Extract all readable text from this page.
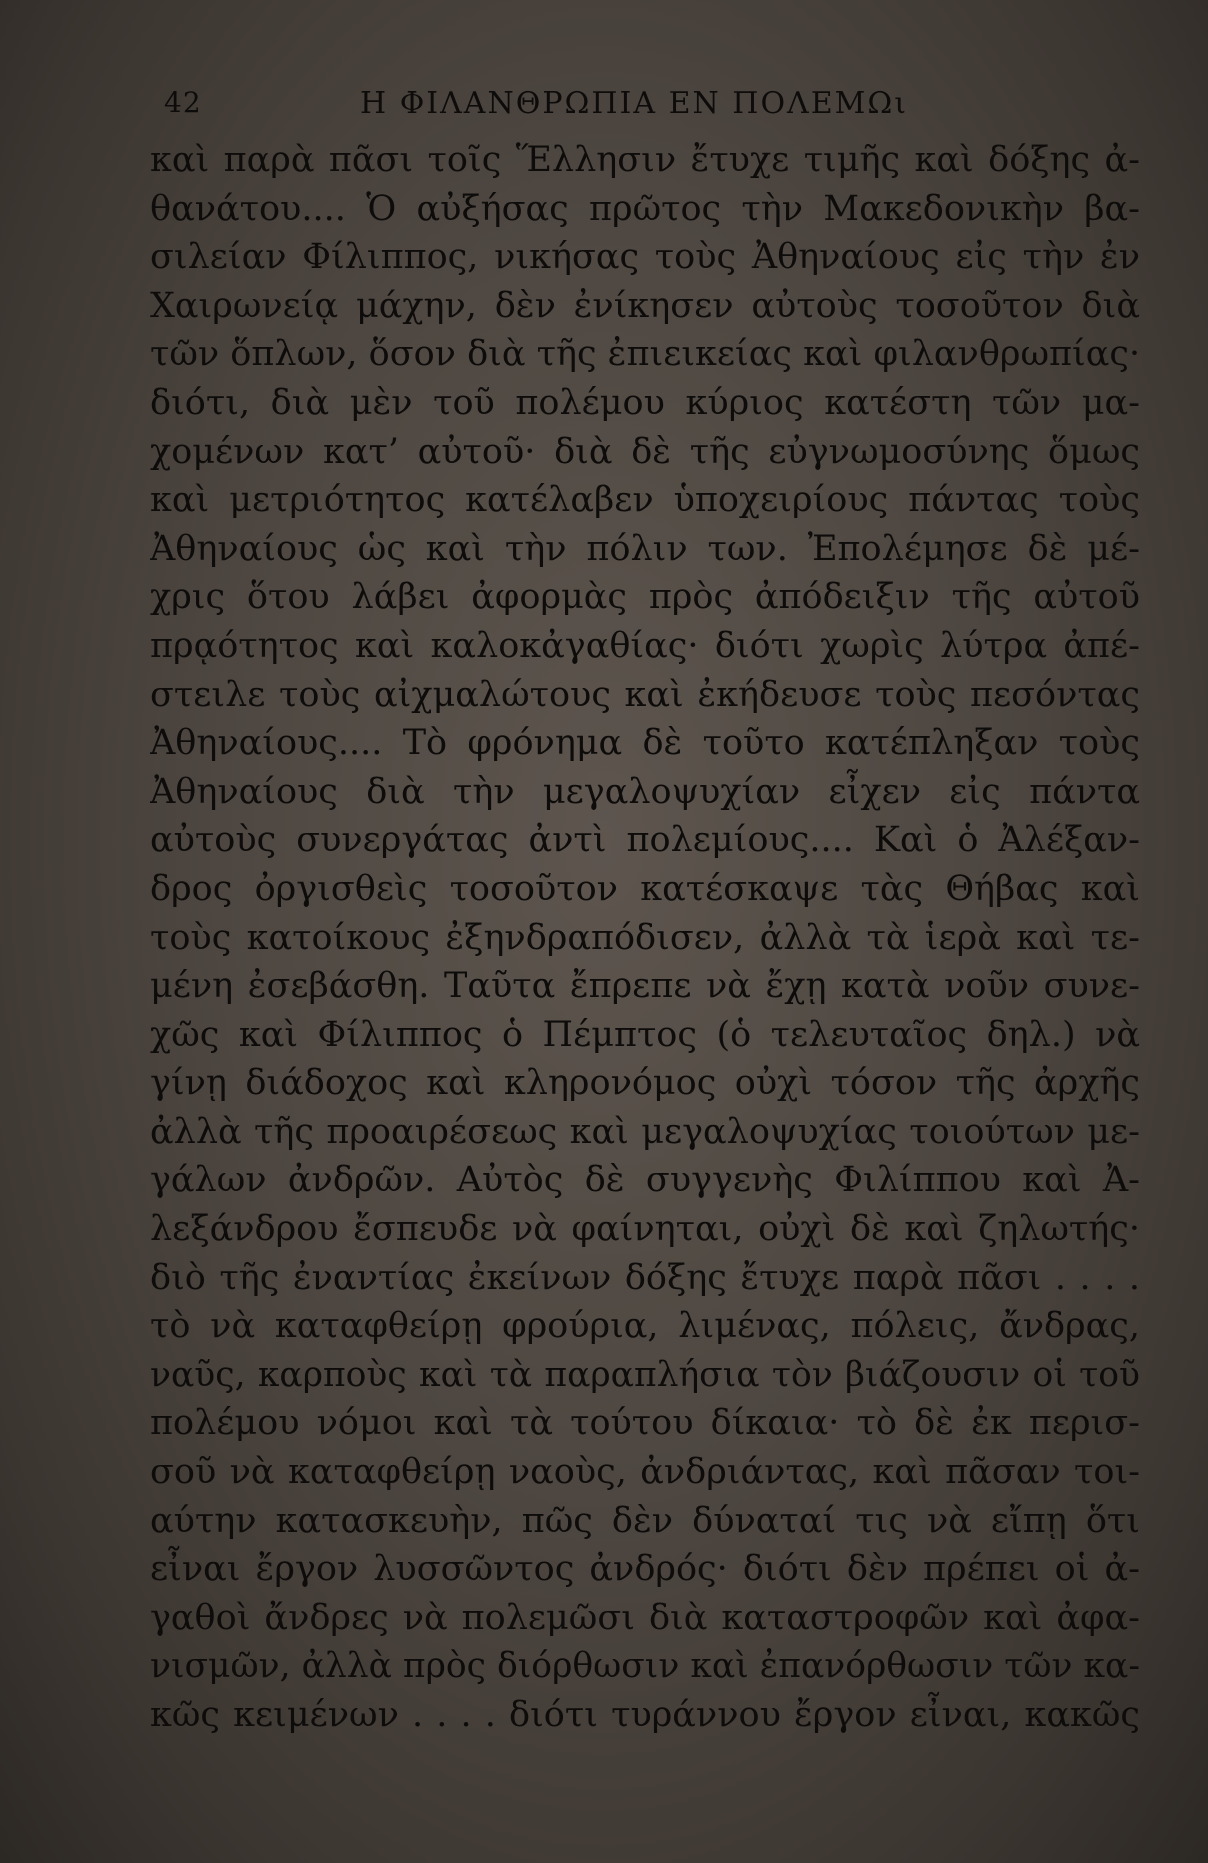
42	Η ΦΙΛΑΝΘΡΩΠΙΑ ΕΝ ΠΟΛΕΜΩι
καὶ παρὰ πᾶσι τοῖς Ἕλλησιν ἔτυχε τιμῆς καὶ δόξης ἀ-
θανάτου.... Ὁ αὐξήσας πρῶτος τὴν Μακεδονικὴν βα-
σιλείαν Φίλιππος, νικήσας τοὺς Ἀθηναίους εἰς τὴν ἐν
Χαιρωνείᾳ μάχην, δὲν ἐνίκησεν αὐτοὺς τοσοῦτον διὰ
τῶν ὅπλων, ὅσον διὰ τῆς ἐπιεικείας καὶ φιλανθρωπίας·
διότι, διὰ μὲν τοῦ πολέμου κύριος κατέστη τῶν μα-
χομένων κατ’ αὐτοῦ· διὰ δὲ τῆς εὐγνωμοσύνης ὅμως
καὶ μετριότητος κατέλαβεν ὑποχειρίους πάντας τοὺς
Ἀθηναίους ὡς καὶ τὴν πόλιν των. Ἐπολέμησε δὲ μέ-
χρις ὅτου λάβει ἀφορμὰς πρὸς ἀπόδειξιν τῆς αὐτοῦ
πρᾳότητος καὶ καλοκἀγαθίας· διότι χωρὶς λύτρα ἀπέ-
στειλε τοὺς αἰχμαλώτους καὶ ἐκήδευσε τοὺς πεσόντας
Ἀθηναίους.... Τὸ φρόνημα δὲ τοῦτο κατέπληξαν τοὺς
Ἀθηναίους διὰ τὴν μεγαλοψυχίαν εἶχεν εἰς πάντα
αὐτοὺς συνεργάτας ἀντὶ πολεμίους.... Καὶ ὁ Ἀλέξαν-
δρος ὀργισθεὶς τοσοῦτον κατέσκαψε τὰς Θήβας καὶ
τοὺς κατοίκους ἐξηνδραπόδισεν, ἀλλὰ τὰ ἱερὰ καὶ τε-
μένη ἐσεβάσθη. Ταῦτα ἔπρεπε νὰ ἔχῃ κατὰ νοῦν συνε-
χῶς καὶ Φίλιππος ὁ Πέμπτος (ὁ τελευταῖος δηλ.) νὰ
γίνῃ διάδοχος καὶ κληρονόμος οὐχὶ τόσον τῆς ἀρχῆς
ἀλλὰ τῆς προαιρέσεως καὶ μεγαλοψυχίας τοιούτων με-
γάλων ἀνδρῶν. Αὐτὸς δὲ συγγενὴς Φιλίππου καὶ Ἀ-
λεξάνδρου ἔσπευδε νὰ φαίνηται, οὐχὶ δὲ καὶ ζηλωτής·
διὸ τῆς ἐναντίας ἐκείνων δόξης ἔτυχε παρὰ πᾶσι . . . .
τὸ νὰ καταφθείρῃ φρούρια, λιμένας, πόλεις, ἄνδρας,
ναῦς, καρποὺς καὶ τὰ παραπλήσια τὸν βιάζουσιν οἱ τοῦ
πολέμου νόμοι καὶ τὰ τούτου δίκαια· τὸ δὲ ἐκ περισ-
σοῦ νὰ καταφθείρῃ ναοὺς, ἀνδριάντας, καὶ πᾶσαν τοι-
αύτην κατασκευὴν, πῶς δὲν δύναταί τις νὰ εἴπῃ ὅτι
εἶναι ἔργον λυσσῶντος ἀνδρός· διότι δὲν πρέπει οἱ ἀ-
γαθοὶ ἄνδρες νὰ πολεμῶσι διὰ καταστροφῶν καὶ ἀφα-
νισμῶν, ἀλλὰ πρὸς διόρθωσιν καὶ ἐπανόρθωσιν τῶν κα-
κῶς κειμένων . . . . διότι τυράννου ἔργον εἶναι, κακῶς
